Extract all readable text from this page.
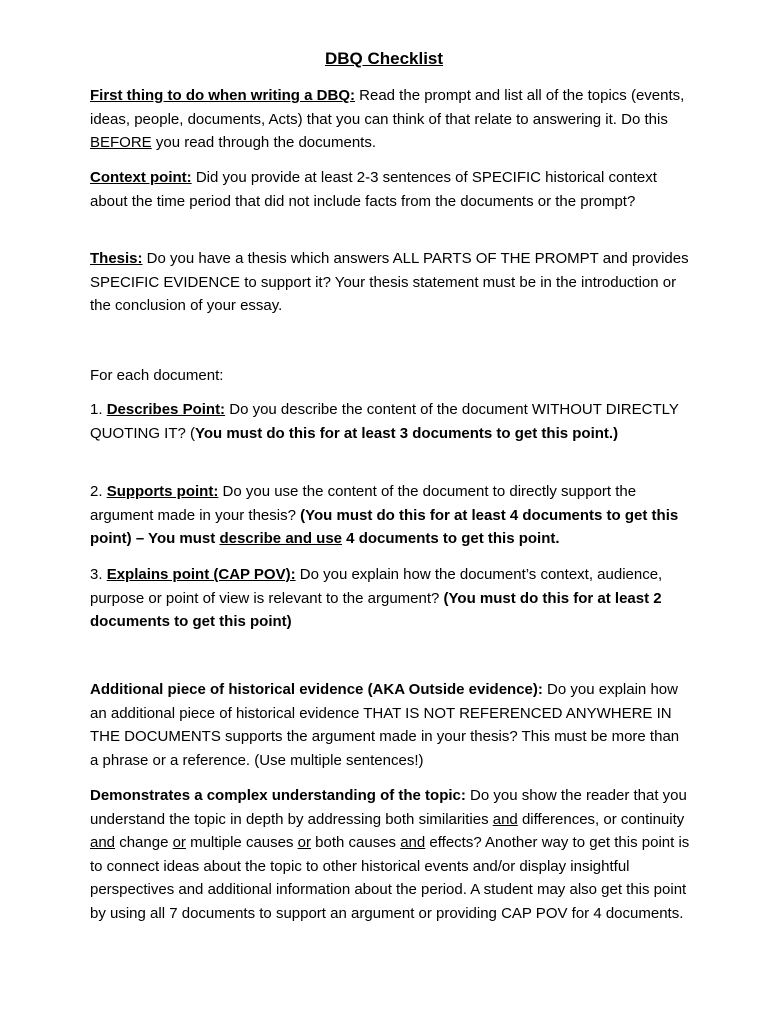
DBQ Checklist

First thing to do when writing a DBQ: Read the prompt and list all of the topics (events, ideas, people, documents, Acts) that you can think of that relate to answering it. Do this BEFORE you read through the documents.

Context point: Did you provide at least 2-3 sentences of SPECIFIC historical context about the time period that did not include facts from the documents or the prompt?

Thesis: Do you have a thesis which answers ALL PARTS OF THE PROMPT and provides SPECIFIC EVIDENCE to support it? Your thesis statement must be in the introduction or the conclusion of your essay.

For each document:

1. Describes Point: Do you describe the content of the document WITHOUT DIRECTLY QUOTING IT? (You must do this for at least 3 documents to get this point.)

2. Supports point: Do you use the content of the document to directly support the argument made in your thesis? (You must do this for at least 4 documents to get this point) – You must describe and use 4 documents to get this point.

3. Explains point (CAP POV): Do you explain how the document’s context, audience, purpose or point of view is relevant to the argument? (You must do this for at least 2 documents to get this point)

Additional piece of historical evidence (AKA Outside evidence): Do you explain how an additional piece of historical evidence THAT IS NOT REFERENCED ANYWHERE IN THE DOCUMENTS supports the argument made in your thesis? This must be more than a phrase or a reference. (Use multiple sentences!)

Demonstrates a complex understanding of the topic: Do you show the reader that you understand the topic in depth by addressing both similarities and differences, or continuity and change or multiple causes or both causes and effects? Another way to get this point is to connect ideas about the topic to other historical events and/or display insightful perspectives and additional information about the period. A student may also get this point by using all 7 documents to support an argument or providing CAP POV for 4 documents.
